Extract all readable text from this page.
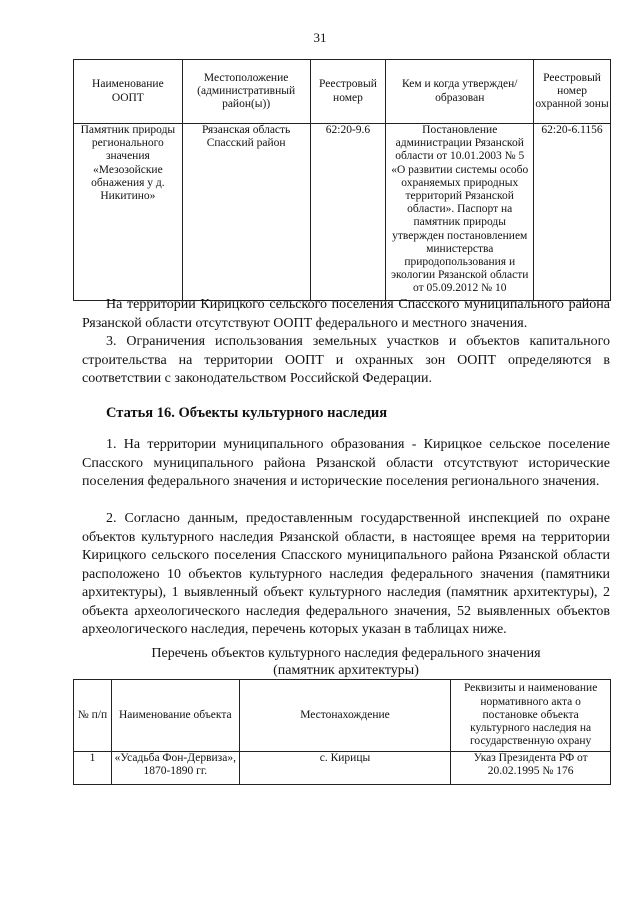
31
Наименование ООПТ	Местоположение (административный район(ы))	Реестровый номер	Кем и когда утвержден/ образован	Реестровый номер охранной зоны
Памятник природы регионального значения «Мезозойские обнажения у д. Никитино»	Рязанская область Спасский район	62:20-9.6	Постановление администрации Рязанской области от 10.01.2003 № 5 «О развитии системы особо охраняемых природных территорий Рязанской области». Паспорт на памятник природы утвержден постановлением министерства природопользования и экологии Рязанской области от 05.09.2012 № 10	62:20-6.1156

На территории Кирицкого сельского поселения Спасского муниципального района Рязанской области отсутствуют ООПТ федерального и местного значения.

3. Ограничения использования земельных участков и объектов капитального строительства на территории ООПТ и охранных зон ООПТ определяются в соответствии с законодательством Российской Федерации.

Статья 16. Объекты культурного наследия

1. На территории муниципального образования - Кирицкое сельское поселение Спасского муниципального района Рязанской области отсутствуют исторические поселения федерального значения и исторические поселения регионального значения.

2. Согласно данным, предоставленным государственной инспекцией по охране объектов культурного наследия Рязанской области, в настоящее время на территории Кирицкого сельского поселения Спасского муниципального района Рязанской области расположено 10 объектов культурного наследия федерального значения (памятники архитектуры), 1 выявленный объект культурного наследия (памятник архитектуры), 2 объекта археологического наследия федерального значения, 52 выявленных объектов археологического наследия, перечень которых указан в таблицах ниже.

Перечень объектов культурного наследия федерального значения
(памятник архитектуры)
№ п/п	Наименование объекта	Местонахождение	Реквизиты и наименование нормативного акта о постановке объекта культурного наследия на государственную охрану
1	«Усадьба Фон-Дервиза», 1870-1890 гг.	с. Кирицы	Указ Президента РФ от 20.02.1995 № 176
